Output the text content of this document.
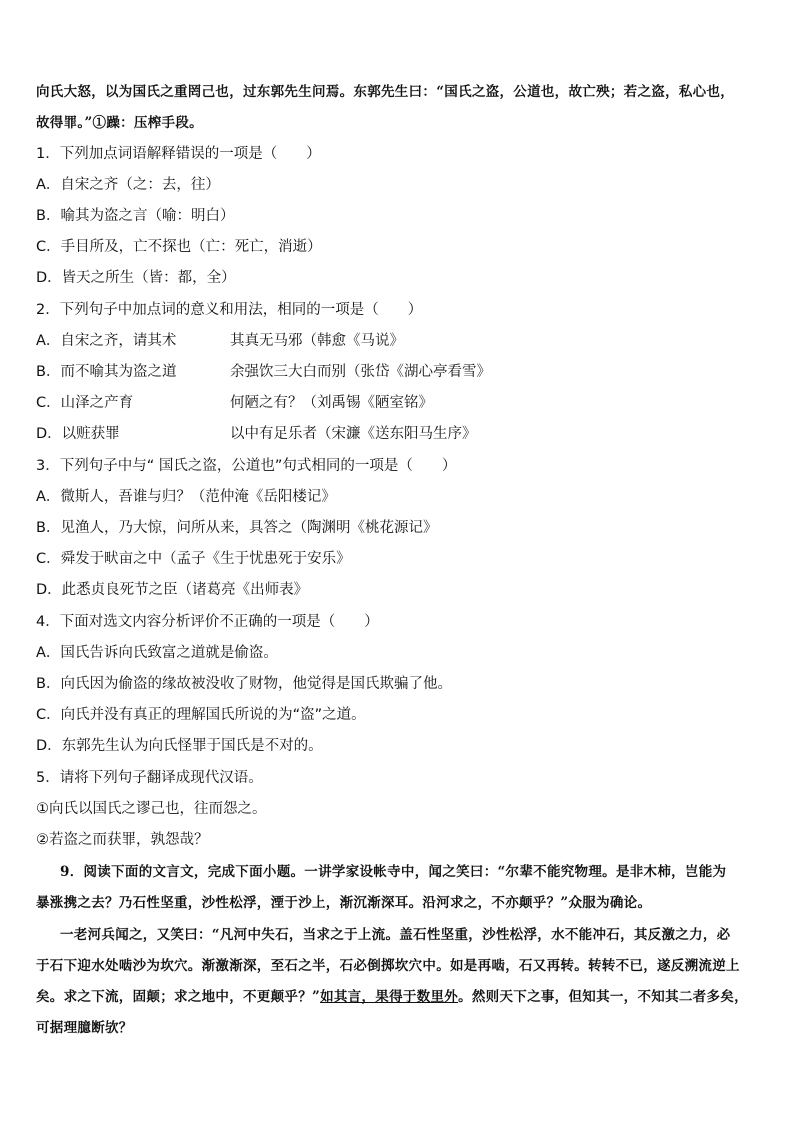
向氏大怒，以为国氏之重罔己也，过东郭先生问焉。东郭先生曰：“国氏之盗，公道也，故亡殃；若之盗，私心也，
故得罪。”①躁：压榨手段。
1．下列加点词语解释错误的一项是（　　）
A．自宋之齐（之：去，往）
B．喻其为盗之言（喻：明白）
C．手目所及，亡不探也（亡：死亡，消逝）
D．皆天之所生（皆：都，全）
2．下列句子中加点词的意义和用法，相同的一项是（　　）
A．自宋之齐，请其术	其真无马邪（韩愈《马说》
B．而不喻其为盗之道	余强饮三大白而别（张岱《湖心亭看雪》
C．山泽之产育	何陋之有？（刘禹锡《陋室铭》
D．以赃获罪	以中有足乐者（宋濂《送东阳马生序》
3．下列句子中与“ 国氏之盗，公道也”句式相同的一项是（　　）
A．微斯人，吾谁与归？（范仲淹《岳阳楼记》
B．见渔人，乃大惊，问所从来，具答之（陶渊明《桃花源记》
C．舜发于畎亩之中（孟子《生于忧患死于安乐》
D．此悉贞良死节之臣（诸葛亮《出师表》
4．下面对选文内容分析评价不正确的一项是（　　）
A．国氏告诉向氏致富之道就是偷盗。
B．向氏因为偷盗的缘故被没收了财物，他觉得是国氏欺骗了他。
C．向氏并没有真正的理解国氏所说的为“盗”之道。
D．东郭先生认为向氏怪罪于国氏是不对的。
5．请将下列句子翻译成现代汉语。
①向氏以国氏之谬己也，往而怨之。
②若盗之而获罪，孰怨哉？
9．阅读下面的文言文，完成下面小题。一讲学家设帐寺中，闻之笑曰：“尔辈不能究物理。是非木柿，岂能为
暴涨携之去？乃石性坚重，沙性松浮，湮于沙上，渐沉渐深耳。沿河求之，不亦颠乎？”众服为确论。
一老河兵闻之，又笑曰：“凡河中失石，当求之于上流。盖石性坚重，沙性松浮，水不能冲石，其反激之力，必
于石下迎水处啮沙为坎穴。渐激渐深，至石之半，石必倒掷坎穴中。如是再啮，石又再转。转转不已，遂反溯流逆上
矣。求之下流，固颠；求之地中，不更颠乎？”如其言，果得于数里外。然则天下之事，但知其一，不知其二者多矣，
可据理臆断欤？
